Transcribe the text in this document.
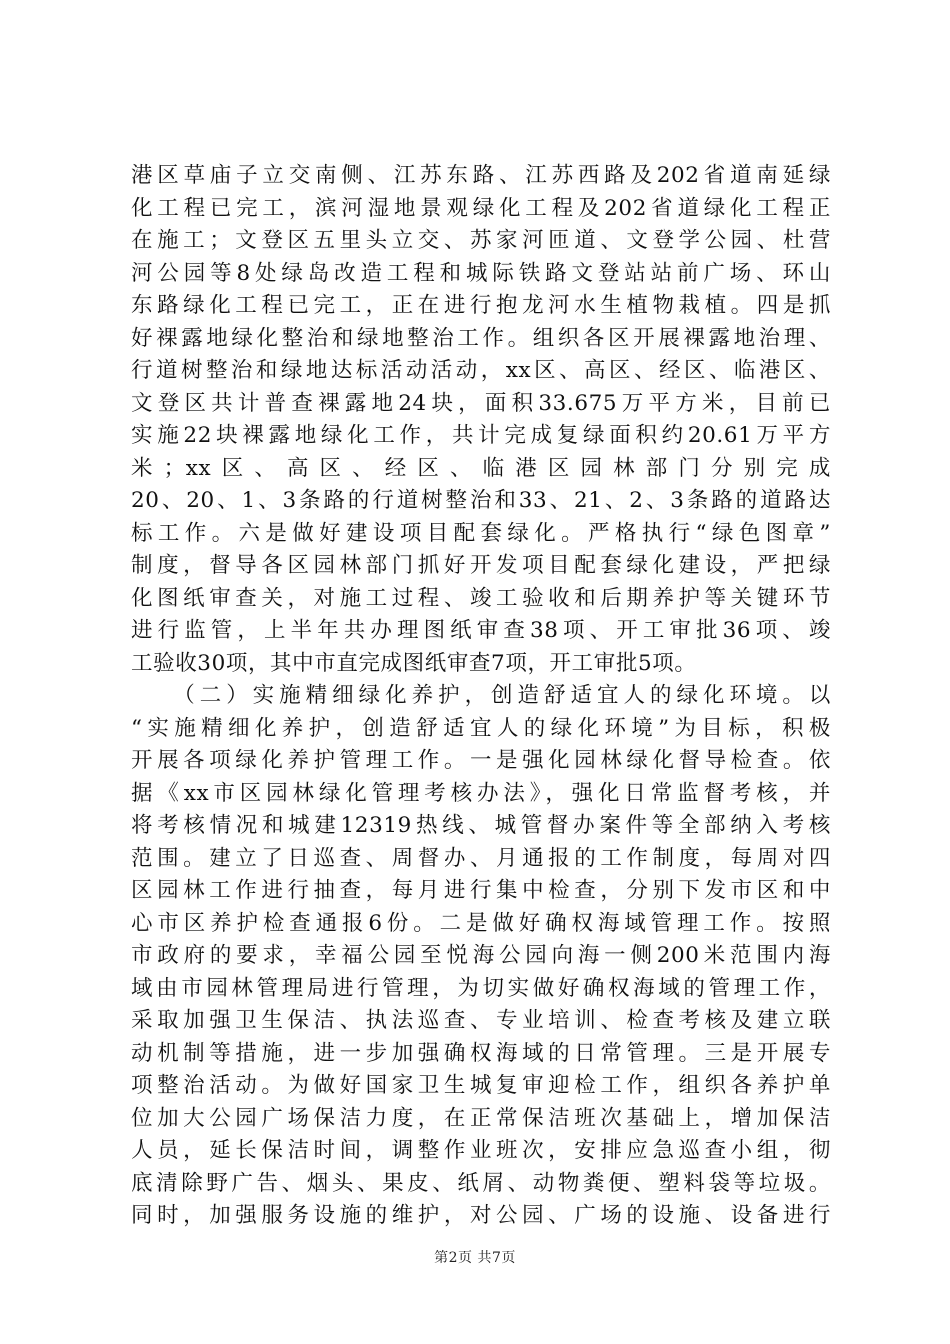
港区草庙子立交南侧、江苏东路、江苏西路及202省道南延绿
化工程已完工，滨河湿地景观绿化工程及202省道绿化工程正
在施工；文登区五里头立交、苏家河匝道、文登学公园、杜营
河公园等8处绿岛改造工程和城际铁路文登站站前广场、环山
东路绿化工程已完工，正在进行抱龙河水生植物栽植。四是抓
好裸露地绿化整治和绿地整治工作。组织各区开展裸露地治理、
行道树整治和绿地达标活动活动，xx区、高区、经区、临港区、
文登区共计普查裸露地24块，面积33.675万平方米，目前已
实施22块裸露地绿化工作，共计完成复绿面积约20.61万平方
米；xx区、高区、经区、临港区园林部门分别完成
20、20、1、3条路的行道树整治和33、21、2、3条路的道路达
标工作。六是做好建设项目配套绿化。严格执行“绿色图章”
制度，督导各区园林部门抓好开发项目配套绿化建设，严把绿
化图纸审查关，对施工过程、竣工验收和后期养护等关键环节
进行监管，上半年共办理图纸审查38项、开工审批36项、竣
工验收30项，其中市直完成图纸审查7项，开工审批5项。
　　（二）实施精细绿化养护，创造舒适宜人的绿化环境。以
“实施精细化养护，创造舒适宜人的绿化环境”为目标，积极
开展各项绿化养护管理工作。一是强化园林绿化督导检查。依
据《xx市区园林绿化管理考核办法》，强化日常监督考核，并
将考核情况和城建12319热线、城管督办案件等全部纳入考核
范围。建立了日巡查、周督办、月通报的工作制度，每周对四
区园林工作进行抽查，每月进行集中检查，分别下发市区和中
心市区养护检查通报6份。二是做好确权海域管理工作。按照
市政府的要求，幸福公园至悦海公园向海一侧200米范围内海
域由市园林管理局进行管理，为切实做好确权海域的管理工作，
采取加强卫生保洁、执法巡查、专业培训、检查考核及建立联
动机制等措施，进一步加强确权海域的日常管理。三是开展专
项整治活动。为做好国家卫生城复审迎检工作，组织各养护单
位加大公园广场保洁力度，在正常保洁班次基础上，增加保洁
人员，延长保洁时间，调整作业班次，安排应急巡查小组，彻
底清除野广告、烟头、果皮、纸屑、动物粪便、塑料袋等垃圾。
同时，加强服务设施的维护，对公园、广场的设施、设备进行
第2页 共7页
